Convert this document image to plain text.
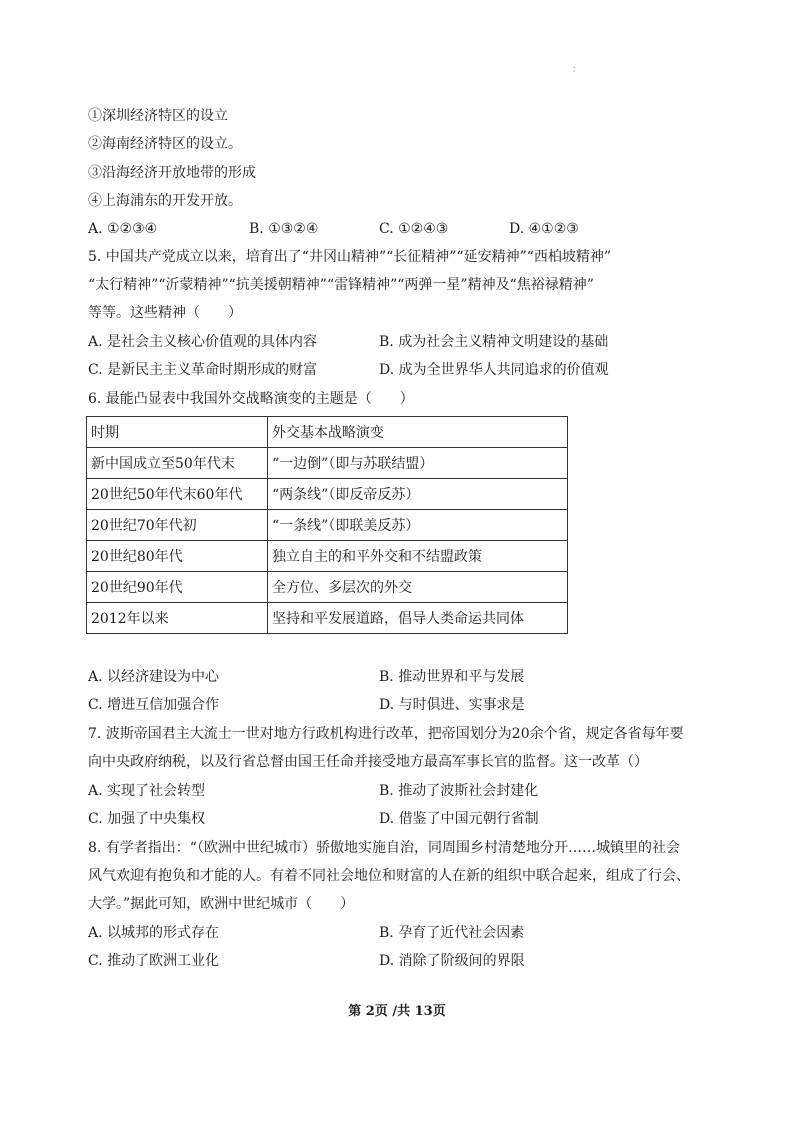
：
①深圳经济特区的设立
②海南经济特区的设立。
③沿海经济开放地带的形成
④上海浦东的开发开放。
A. ①②③④	B. ①③②④	C. ①②④③	D. ④①②③
5. 中国共产党成立以来，培育出了“井冈山精神”“长征精神”“延安精神”“西柏坡精神”
“太行精神”“沂蒙精神”“抗美援朝精神”“雷锋精神”“两弹一星”精神及“焦裕禄精神”
等等。这些精神（　　）
A. 是社会主义核心价值观的具体内容	B. 成为社会主义精神文明建设的基础
C. 是新民主主义革命时期形成的财富	D. 成为全世界华人共同追求的价值观
6. 最能凸显表中我国外交战略演变的主题是（　　）
时期	外交基本战略演变
新中国成立至50年代末	“一边倒”（即与苏联结盟）
20世纪50年代末60年代	“两条线”（即反帝反苏）
20世纪70年代初	“一条线”（即联美反苏）
20世纪80年代	独立自主的和平外交和不结盟政策
20世纪90年代	全方位、多层次的外交
2012年以来	坚持和平发展道路，倡导人类命运共同体
A. 以经济建设为中心	B. 推动世界和平与发展
C. 增进互信加强合作	D. 与时俱进、实事求是
7. 波斯帝国君主大流士一世对地方行政机构进行改革，把帝国划分为20余个省，规定各省每年要
向中央政府纳税，以及行省总督由国王任命并接受地方最高军事长官的监督。这一改革（）
A. 实现了社会转型	B. 推动了波斯社会封建化
C. 加强了中央集权	D. 借鉴了中国元朝行省制
8. 有学者指出：“（欧洲中世纪城市）骄傲地实施自治，同周围乡村清楚地分开……城镇里的社会
风气欢迎有抱负和才能的人。有着不同社会地位和财富的人在新的组织中联合起来，组成了行会、
大学。”据此可知，欧洲中世纪城市（　　）
A. 以城邦的形式存在	B. 孕育了近代社会因素
C. 推动了欧洲工业化	D. 消除了阶级间的界限
第 2页 /共 13页
